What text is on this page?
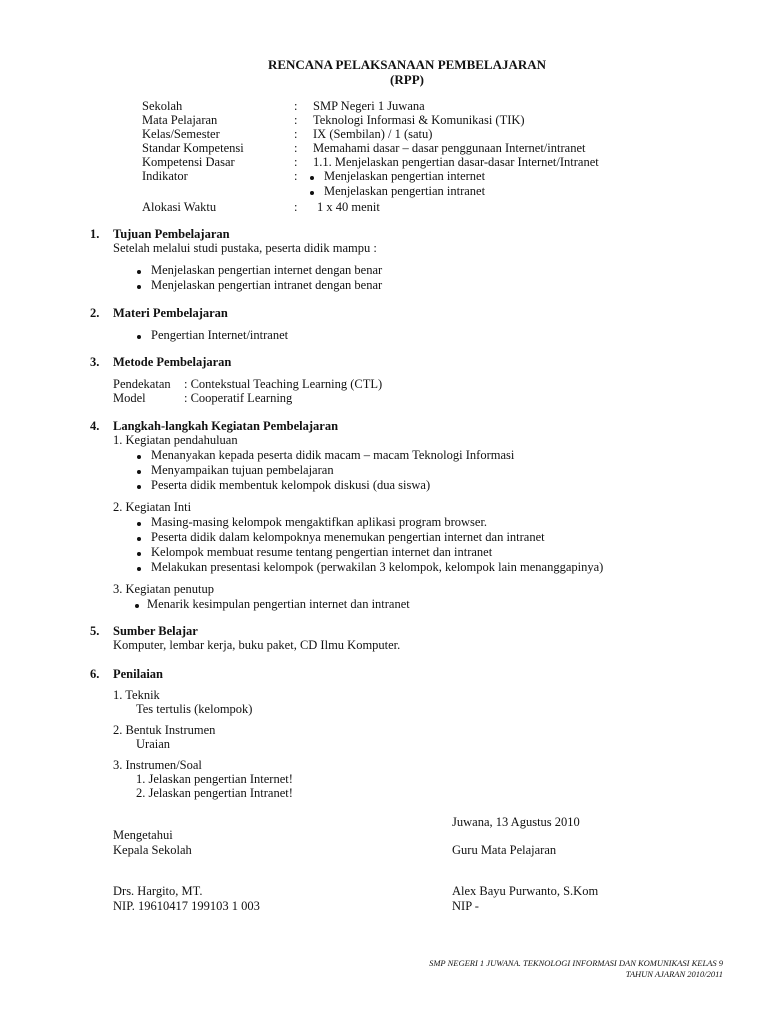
RENCANA PELAKSANAAN PEMBELAJARAN
(RPP)
Sekolah	: SMP Negeri 1 Juwana
Mata Pelajaran	: Teknologi Informasi & Komunikasi (TIK)
Kelas/Semester	: IX (Sembilan) / 1 (satu)
Standar Kompetensi	: Memahami dasar – dasar penggunaan Internet/intranet
Kompetensi Dasar	: 1.1. Menjelaskan pengertian dasar-dasar Internet/Intranet
Indikator	: Menjelaskan pengertian internet
Menjelaskan pengertian intranet
Alokasi Waktu	: 1 x 40 menit
1. Tujuan Pembelajaran
Setelah melalui studi pustaka, peserta didik mampu :
Menjelaskan pengertian internet dengan benar
Menjelaskan pengertian intranet dengan benar
2. Materi Pembelajaran
Pengertian Internet/intranet
3. Metode Pembelajaran
Pendekatan : Contekstual Teaching Learning (CTL)
Model	: Cooperatif Learning
4. Langkah-langkah Kegiatan Pembelajaran
1. Kegiatan pendahuluan
Menanyakan kepada peserta didik macam – macam Teknologi Informasi
Menyampaikan tujuan pembelajaran
Peserta didik membentuk kelompok diskusi (dua siswa)
2. Kegiatan Inti
Masing-masing kelompok mengaktifkan aplikasi program browser.
Peserta didik dalam kelompoknya menemukan pengertian internet dan intranet
Kelompok membuat resume tentang pengertian internet dan intranet
Melakukan presentasi kelompok (perwakilan 3 kelompok, kelompok lain menanggapinya)
3. Kegiatan penutup
Menarik kesimpulan pengertian internet dan intranet
5. Sumber Belajar
Komputer, lembar kerja, buku paket, CD Ilmu Komputer.
6. Penilaian
1. Teknik
Tes tertulis (kelompok)
2. Bentuk Instrumen
Uraian
3. Instrumen/Soal
1. Jelaskan pengertian Internet!
2. Jelaskan pengertian Intranet!
Juwana, 13 Agustus 2010
Mengetahui
Kepala Sekolah	Guru Mata Pelajaran
Drs. Hargito, MT.	Alex Bayu Purwanto, S.Kom
NIP. 19610417 199103 1 003	NIP -
SMP NEGERI 1 JUWANA. TEKNOLOGI INFORMASI DAN KOMUNIKASI KELAS 9
TAHUN AJARAN 2010/2011
